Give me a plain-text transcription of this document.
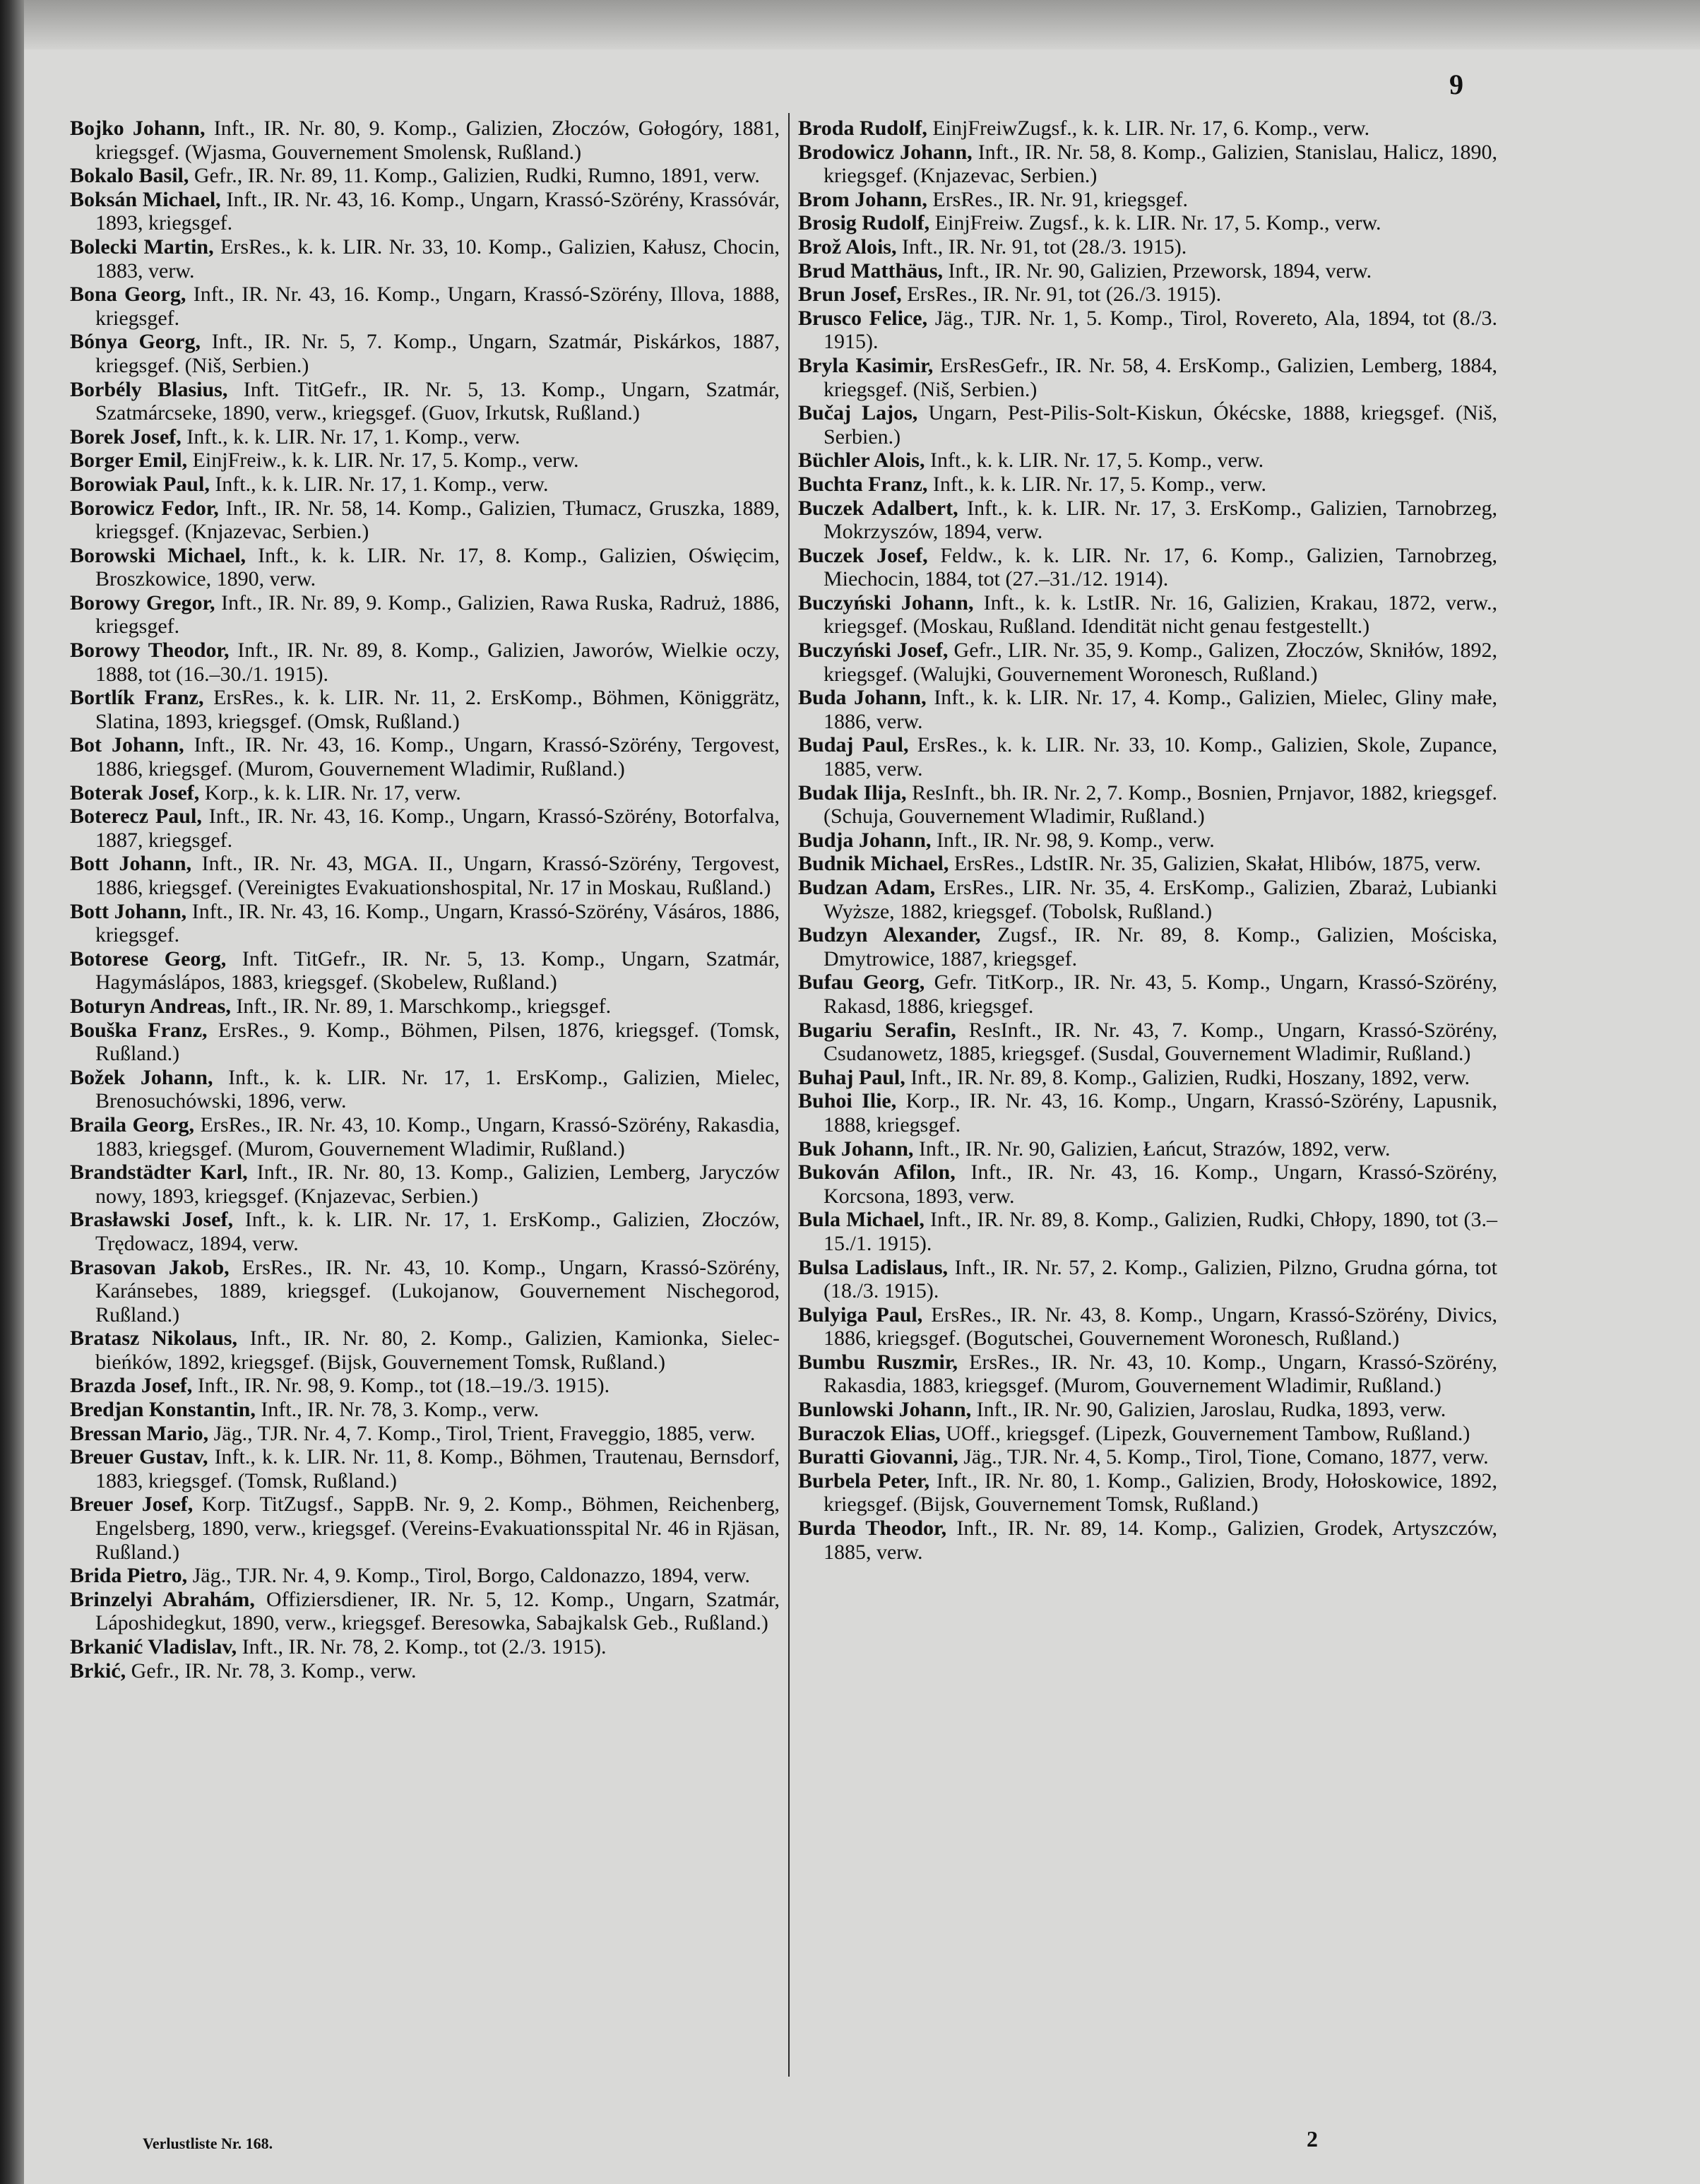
9

Bojko Johann, Inft., IR. Nr. 80, 9. Komp., Galizien, Złoczów, Gołogóry, 1881, kriegsgef. (Wjasma, Gouvernement Smolensk, Rußland.)

Bokalo Basil, Gefr., IR. Nr. 89, 11. Komp., Galizien, Rudki, Rumno, 1891, verw.

Boksán Michael, Inft., IR. Nr. 43, 16. Komp., Ungarn, Krassó-Szörény, Krassóvár, 1893, kriegsgef.

Bolecki Martin, ErsRes., k. k. LIR. Nr. 33, 10. Komp., Galizien, Kałusz, Chocin, 1883, verw.

Bona Georg, Inft., IR. Nr. 43, 16. Komp., Ungarn, Krassó-Szörény, Illova, 1888, kriegsgef.

Bónya Georg, Inft., IR. Nr. 5, 7. Komp., Ungarn, Szatmár, Piskárkos, 1887, kriegsgef. (Niš, Serbien.)

Borbély Blasius, Inft. TitGefr., IR. Nr. 5, 13. Komp., Ungarn, Szatmár, Szatmárcseke, 1890, verw., kriegsgef. (Guov, Irkutsk, Rußland.)

Borek Josef, Inft., k. k. LIR. Nr. 17, 1. Komp., verw.

Borger Emil, EinjFreiw., k. k. LIR. Nr. 17, 5. Komp., verw.

Borowiak Paul, Inft., k. k. LIR. Nr. 17, 1. Komp., verw.

Borowicz Fedor, Inft., IR. Nr. 58, 14. Komp., Galizien, Tłumacz, Gruszka, 1889, kriegsgef. (Knjazevac, Serbien.)

Borowski Michael, Inft., k. k. LIR. Nr. 17, 8. Komp., Galizien, Oświęcim, Broszkowice, 1890, verw.

Borowy Gregor, Inft., IR. Nr. 89, 9. Komp., Galizien, Rawa Ruska, Radruż, 1886, kriegsgef.

Borowy Theodor, Inft., IR. Nr. 89, 8. Komp., Galizien, Jaworów, Wielkie oczy, 1888, tot (16.–30./1. 1915).

Bortlík Franz, ErsRes., k. k. LIR. Nr. 11, 2. ErsKomp., Böhmen, Königgrätz, Slatina, 1893, kriegsgef. (Omsk, Rußland.)

Bot Johann, Inft., IR. Nr. 43, 16. Komp., Ungarn, Krassó-Szörény, Tergovest, 1886, kriegsgef. (Murom, Gouvernement Wladimir, Rußland.)

Boterak Josef, Korp., k. k. LIR. Nr. 17, verw.

Boterecz Paul, Inft., IR. Nr. 43, 16. Komp., Ungarn, Krassó-Szörény, Botorfalva, 1887, kriegsgef.

Bott Johann, Inft., IR. Nr. 43, MGA. II., Ungarn, Krassó-Szörény, Tergovest, 1886, kriegsgef. (Vereinigtes Evakuationshospital, Nr. 17 in Moskau, Rußland.)

Bott Johann, Inft., IR. Nr. 43, 16. Komp., Ungarn, Krassó-Szörény, Vásáros, 1886, kriegsgef.

Botorese Georg, Inft. TitGefr., IR. Nr. 5, 13. Komp., Ungarn, Szatmár, Hagymáslápos, 1883, kriegsgef. (Skobelew, Rußland.)

Boturyn Andreas, Inft., IR. Nr. 89, 1. Marschkomp., kriegsgef.

Bouška Franz, ErsRes., 9. Komp., Böhmen, Pilsen, 1876, kriegsgef. (Tomsk, Rußland.)

Božek Johann, Inft., k. k. LIR. Nr. 17, 1. ErsKomp., Galizien, Mielec, Brenosuchówski, 1896, verw.

Braila Georg, ErsRes., IR. Nr. 43, 10. Komp., Ungarn, Krassó-Szörény, Rakasdia, 1883, kriegsgef. (Murom, Gouvernement Wladimir, Rußland.)

Brandstädter Karl, Inft., IR. Nr. 80, 13. Komp., Galizien, Lemberg, Jaryczów nowy, 1893, kriegsgef. (Knjazevac, Serbien.)

Brasławski Josef, Inft., k. k. LIR. Nr. 17, 1. ErsKomp., Galizien, Złoczów, Trędowacz, 1894, verw.

Brasovan Jakob, ErsRes., IR. Nr. 43, 10. Komp., Ungarn, Krassó-Szörény, Karánsebes, 1889, kriegsgef. (Lukojanow, Gouvernement Nischegorod, Rußland.)

Bratasz Nikolaus, Inft., IR. Nr. 80, 2. Komp., Galizien, Kamionka, Sielec-bieńków, 1892, kriegsgef. (Bijsk, Gouvernement Tomsk, Rußland.)

Brazda Josef, Inft., IR. Nr. 98, 9. Komp., tot (18.–19./3. 1915).

Bredjan Konstantin, Inft., IR. Nr. 78, 3. Komp., verw.

Bressan Mario, Jäg., TJR. Nr. 4, 7. Komp., Tirol, Trient, Fraveggio, 1885, verw.

Breuer Gustav, Inft., k. k. LIR. Nr. 11, 8. Komp., Böhmen, Trautenau, Bernsdorf, 1883, kriegsgef. (Tomsk, Rußland.)

Breuer Josef, Korp. TitZugsf., SappB. Nr. 9, 2. Komp., Böhmen, Reichenberg, Engelsberg, 1890, verw., kriegsgef. (Vereins-Evakuationsspital Nr. 46 in Rjäsan, Rußland.)

Brida Pietro, Jäg., TJR. Nr. 4, 9. Komp., Tirol, Borgo, Caldonazzo, 1894, verw.

Brinzelyi Abrahám, Offiziersdiener, IR. Nr. 5, 12. Komp., Ungarn, Szatmár, Láposhidegkut, 1890, verw., kriegsgef. Beresowka, Sabajkalsk Geb., Rußland.)

Brkanić Vladislav, Inft., IR. Nr. 78, 2. Komp., tot (2./3. 1915).

Brkić, Gefr., IR. Nr. 78, 3. Komp., verw.

Broda Rudolf, EinjFreiwZugsf., k. k. LIR. Nr. 17, 6. Komp., verw.

Brodowicz Johann, Inft., IR. Nr. 58, 8. Komp., Galizien, Stanislau, Halicz, 1890, kriegsgef. (Knjazevac, Serbien.)

Brom Johann, ErsRes., IR. Nr. 91, kriegsgef.

Brosig Rudolf, EinjFreiw. Zugsf., k. k. LIR. Nr. 17, 5. Komp., verw.

Brož Alois, Inft., IR. Nr. 91, tot (28./3. 1915).

Brud Matthäus, Inft., IR. Nr. 90, Galizien, Przeworsk, 1894, verw.

Brun Josef, ErsRes., IR. Nr. 91, tot (26./3. 1915).

Brusco Felice, Jäg., TJR. Nr. 1, 5. Komp., Tirol, Rovereto, Ala, 1894, tot (8./3. 1915).

Bryla Kasimir, ErsResGefr., IR. Nr. 58, 4. ErsKomp., Galizien, Lemberg, 1884, kriegsgef. (Niš, Serbien.)

Bučaj Lajos, Ungarn, Pest-Pilis-Solt-Kiskun, Ókécske, 1888, kriegsgef. (Niš, Serbien.)

Büchler Alois, Inft., k. k. LIR. Nr. 17, 5. Komp., verw.

Buchta Franz, Inft., k. k. LIR. Nr. 17, 5. Komp., verw.

Buczek Adalbert, Inft., k. k. LIR. Nr. 17, 3. ErsKomp., Galizien, Tarnobrzeg, Mokrzyszów, 1894, verw.

Buczek Josef, Feldw., k. k. LIR. Nr. 17, 6. Komp., Galizien, Tarnobrzeg, Miechocin, 1884, tot (27.–31./12. 1914).

Buczyński Johann, Inft., k. k. LstIR. Nr. 16, Galizien, Krakau, 1872, verw., kriegsgef. (Moskau, Rußland. Idendität nicht genau festgestellt.)

Buczyński Josef, Gefr., LIR. Nr. 35, 9. Komp., Galizen, Złoczów, Skniłów, 1892, kriegsgef. (Walujki, Gouvernement Woronesch, Rußland.)

Buda Johann, Inft., k. k. LIR. Nr. 17, 4. Komp., Galizien, Mielec, Gliny małe, 1886, verw.

Budaj Paul, ErsRes., k. k. LIR. Nr. 33, 10. Komp., Galizien, Skole, Zupance, 1885, verw.

Budak Ilija, ResInft., bh. IR. Nr. 2, 7. Komp., Bosnien, Prnjavor, 1882, kriegsgef. (Schuja, Gouvernement Wladimir, Rußland.)

Budja Johann, Inft., IR. Nr. 98, 9. Komp., verw.

Budnik Michael, ErsRes., LdstIR. Nr. 35, Galizien, Skałat, Hlibów, 1875, verw.

Budzan Adam, ErsRes., LIR. Nr. 35, 4. ErsKomp., Galizien, Zbaraż, Lubianki Wyższe, 1882, kriegsgef. (Tobolsk, Rußland.)

Budzyn Alexander, Zugsf., IR. Nr. 89, 8. Komp., Galizien, Mościska, Dmytrowice, 1887, kriegsgef.

Bufau Georg, Gefr. TitKorp., IR. Nr. 43, 5. Komp., Ungarn, Krassó-Szörény, Rakasd, 1886, kriegsgef.

Bugariu Serafin, ResInft., IR. Nr. 43, 7. Komp., Ungarn, Krassó-Szörény, Csudanowetz, 1885, kriegsgef. (Susdal, Gouvernement Wladimir, Rußland.)

Buhaj Paul, Inft., IR. Nr. 89, 8. Komp., Galizien, Rudki, Hoszany, 1892, verw.

Buhoi Ilie, Korp., IR. Nr. 43, 16. Komp., Ungarn, Krassó-Szörény, Lapusnik, 1888, kriegsgef.

Buk Johann, Inft., IR. Nr. 90, Galizien, Łańcut, Strazów, 1892, verw.

Bukován Afilon, Inft., IR. Nr. 43, 16. Komp., Ungarn, Krassó-Szörény, Korcsona, 1893, verw.

Bula Michael, Inft., IR. Nr. 89, 8. Komp., Galizien, Rudki, Chłopy, 1890, tot (3.–15./1. 1915).

Bulsa Ladislaus, Inft., IR. Nr. 57, 2. Komp., Galizien, Pilzno, Grudna górna, tot (18./3. 1915).

Bulyiga Paul, ErsRes., IR. Nr. 43, 8. Komp., Ungarn, Krassó-Szörény, Divics, 1886, kriegsgef. (Bogutschei, Gouvernement Woronesch, Rußland.)

Bumbu Ruszmir, ErsRes., IR. Nr. 43, 10. Komp., Ungarn, Krassó-Szörény, Rakasdia, 1883, kriegsgef. (Murom, Gouvernement Wladimir, Rußland.)

Bunlowski Johann, Inft., IR. Nr. 90, Galizien, Jaroslau, Rudka, 1893, verw.

Buraczok Elias, UOff., kriegsgef. (Lipezk, Gouvernement Tambow, Rußland.)

Buratti Giovanni, Jäg., TJR. Nr. 4, 5. Komp., Tirol, Tione, Comano, 1877, verw.

Burbela Peter, Inft., IR. Nr. 80, 1. Komp., Galizien, Brody, Hołoskowice, 1892, kriegsgef. (Bijsk, Gouvernement Tomsk, Rußland.)

Burda Theodor, Inft., IR. Nr. 89, 14. Komp., Galizien, Grodek, Artyszczów, 1885, verw.

Verlustliste Nr. 168.	2
